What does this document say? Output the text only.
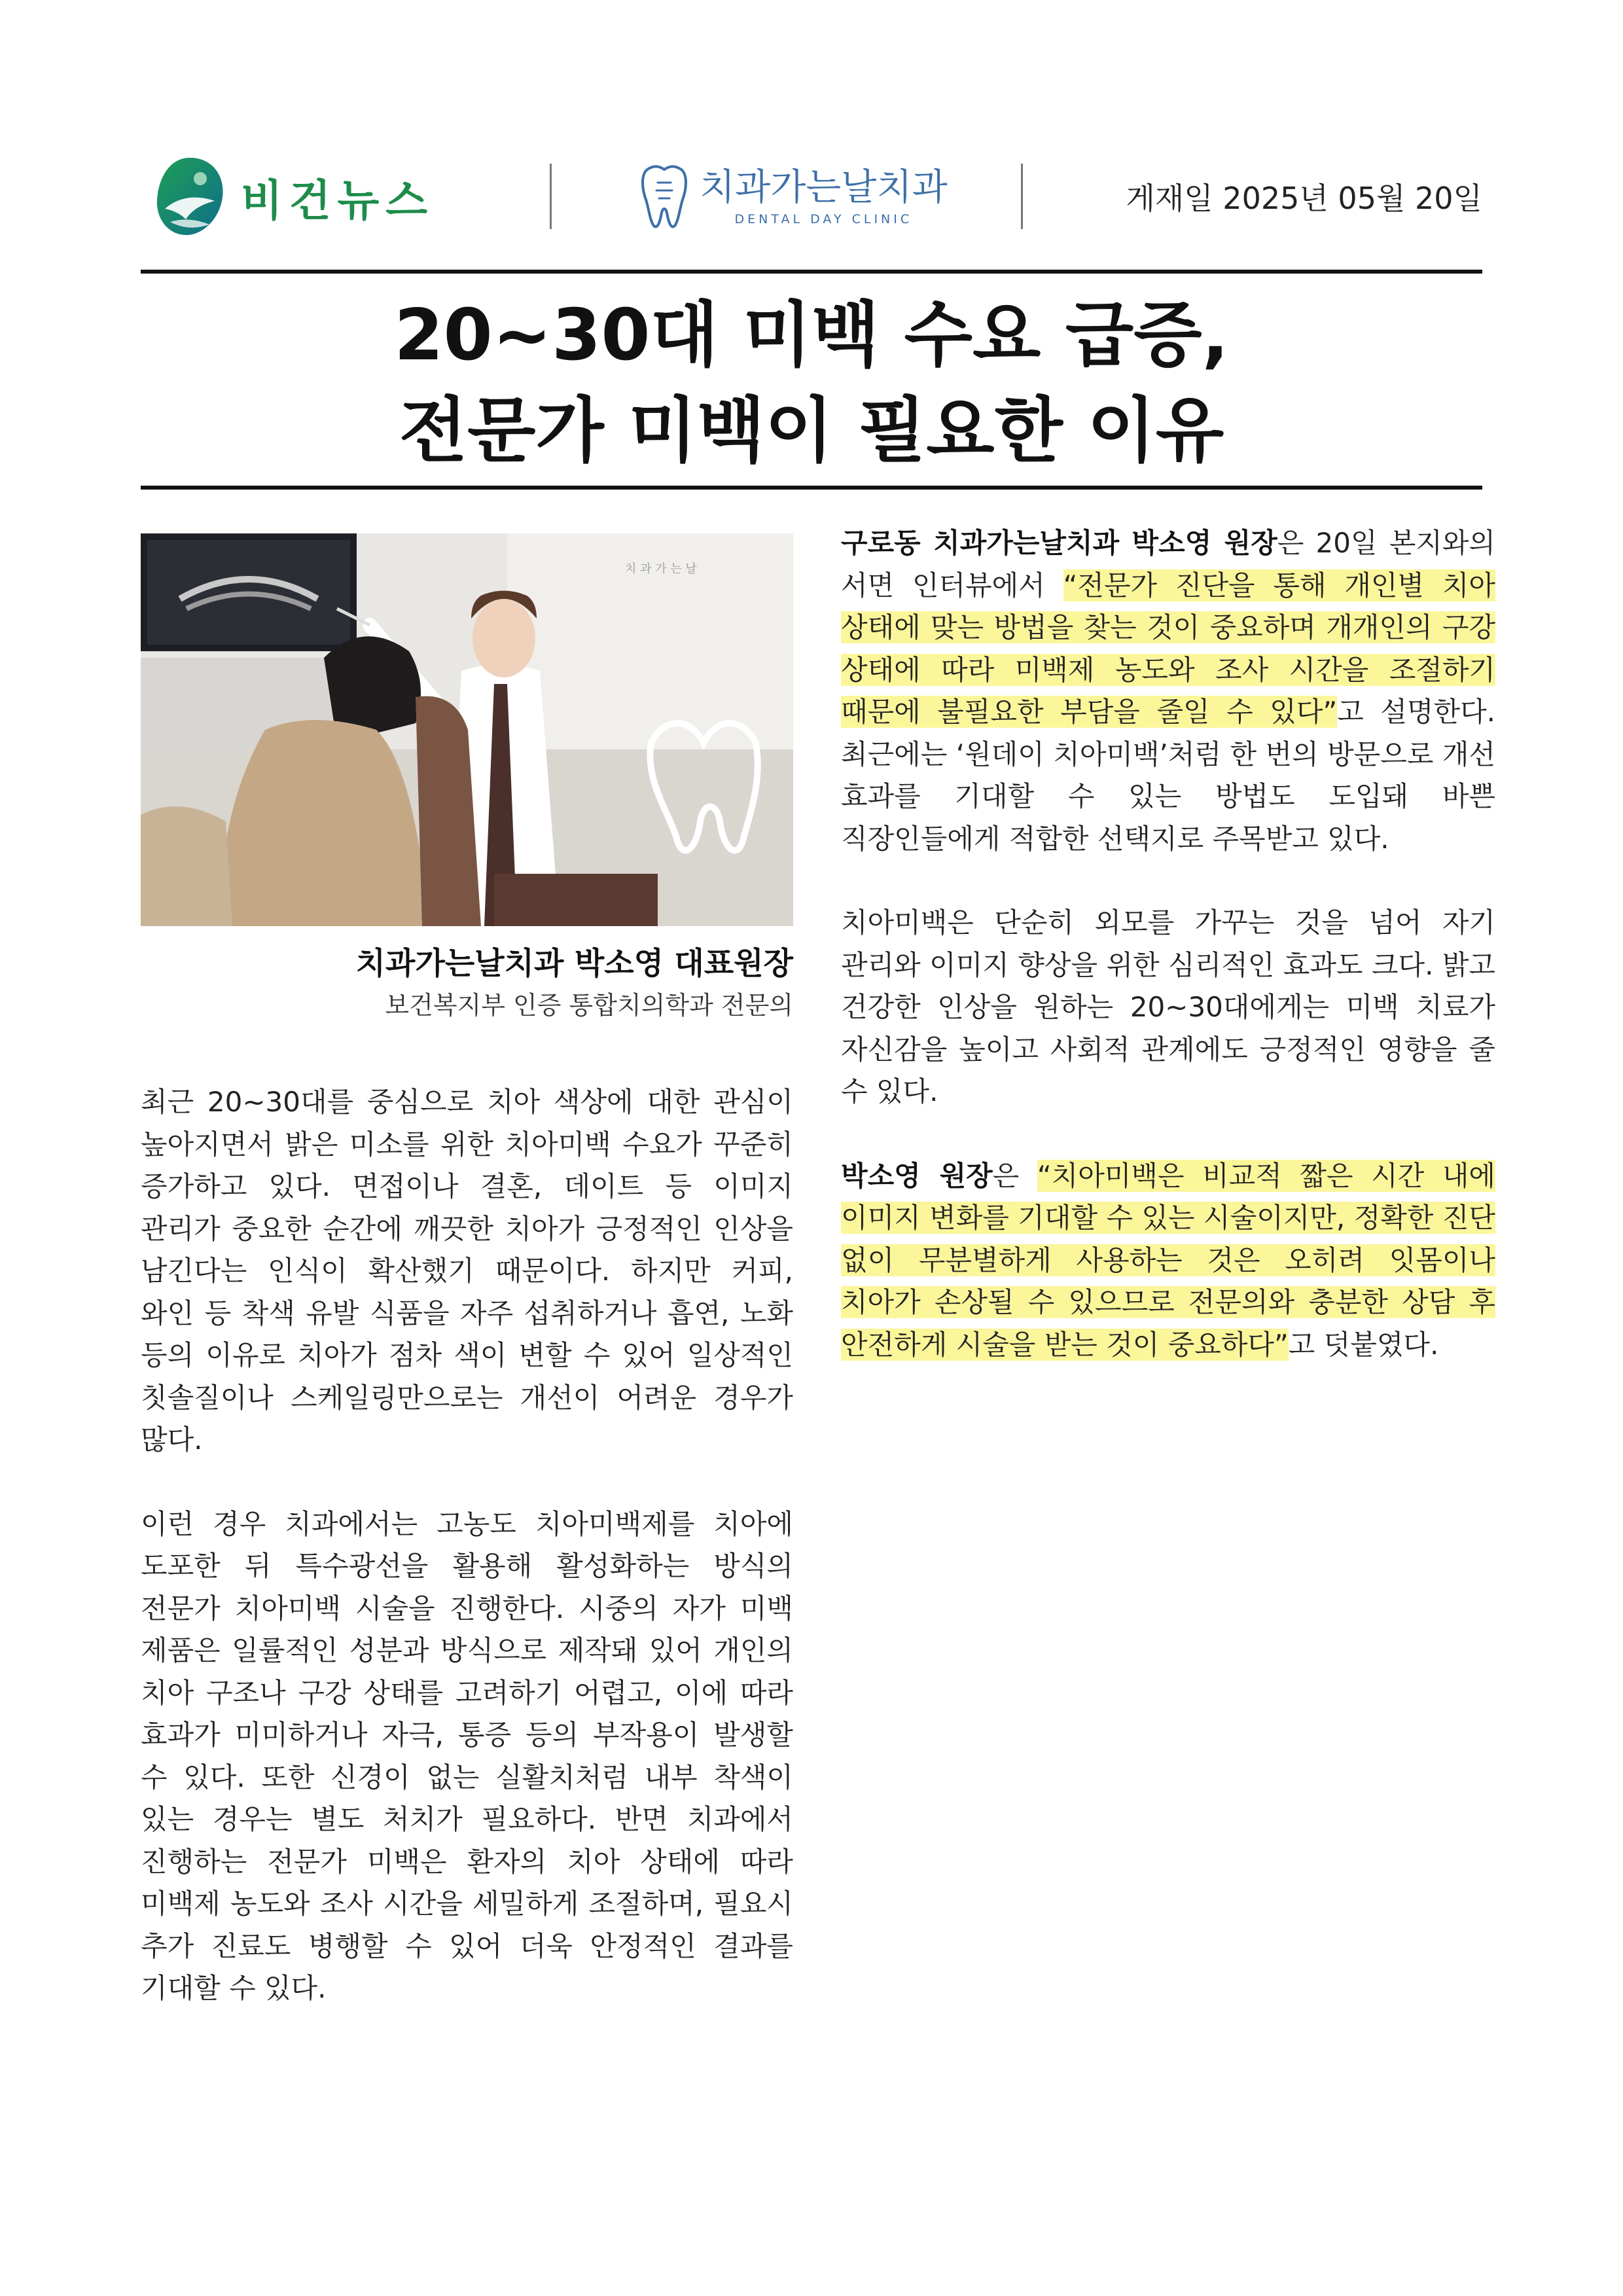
비건뉴스	치과가는날치과
DENTAL DAY CLINIC
게재일 2025년 05월 20일
20~30대 미백 수요 급증,
전문가 미백이 필요한 이유
치 과 가 는 날
치과가는날치과 박소영 대표원장
보건복지부 인증 통합치의학과 전문의

최근 20~30대를 중심으로 치아 색상에 대한 관심이 높아지면서 밝은 미소를 위한 치아미백 수요가 꾸준히 증가하고 있다. 면접이나 결혼, 데이트 등 이미지 관리가 중요한 순간에 깨끗한 치아가 긍정적인 인상을 남긴다는 인식이 확산했기 때문이다. 하지만 커피, 와인 등 착색 유발 식품을 자주 섭취하거나 흡연, 노화 등의 이유로 치아가 점차 색이 변할 수 있어 일상적인 칫솔질이나 스케일링만으로는 개선이 어려운 경우가 많다.

이런 경우 치과에서는 고농도 치아미백제를 치아에 도포한 뒤 특수광선을 활용해 활성화하는 방식의 전문가 치아미백 시술을 진행한다. 시중의 자가 미백 제품은 일률적인 성분과 방식으로 제작돼 있어 개인의 치아 구조나 구강 상태를 고려하기 어렵고, 이에 따라 효과가 미미하거나 자극, 통증 등의 부작용이 발생할 수 있다. 또한 신경이 없는 실활치처럼 내부 착색이 있는 경우는 별도 처치가 필요하다. 반면 치과에서 진행하는 전문가 미백은 환자의 치아 상태에 따라 미백제 농도와 조사 시간을 세밀하게 조절하며, 필요시 추가 진료도 병행할 수 있어 더욱 안정적인 결과를 기대할 수 있다.

구로동 치과가는날치과 박소영 원장은 20일 본지와의 서면 인터뷰에서 “전문가 진단을 통해 개인별 치아 상태에 맞는 방법을 찾는 것이 중요하며 개개인의 구강 상태에 따라 미백제 농도와 조사 시간을 조절하기 때문에 불필요한 부담을 줄일 수 있다”고 설명한다. 최근에는 ‘원데이 치아미백’처럼 한 번의 방문으로 개선 효과를 기대할 수 있는 방법도 도입돼 바쁜 직장인들에게 적합한 선택지로 주목받고 있다.

치아미백은 단순히 외모를 가꾸는 것을 넘어 자기 관리와 이미지 향상을 위한 심리적인 효과도 크다. 밝고 건강한 인상을 원하는 20~30대에게는 미백 치료가 자신감을 높이고 사회적 관계에도 긍정적인 영향을 줄 수 있다.

박소영 원장은 “치아미백은 비교적 짧은 시간 내에 이미지 변화를 기대할 수 있는 시술이지만, 정확한 진단 없이 무분별하게 사용하는 것은 오히려 잇몸이나 치아가 손상될 수 있으므로 전문의와 충분한 상담 후 안전하게 시술을 받는 것이 중요하다”고 덧붙였다.
